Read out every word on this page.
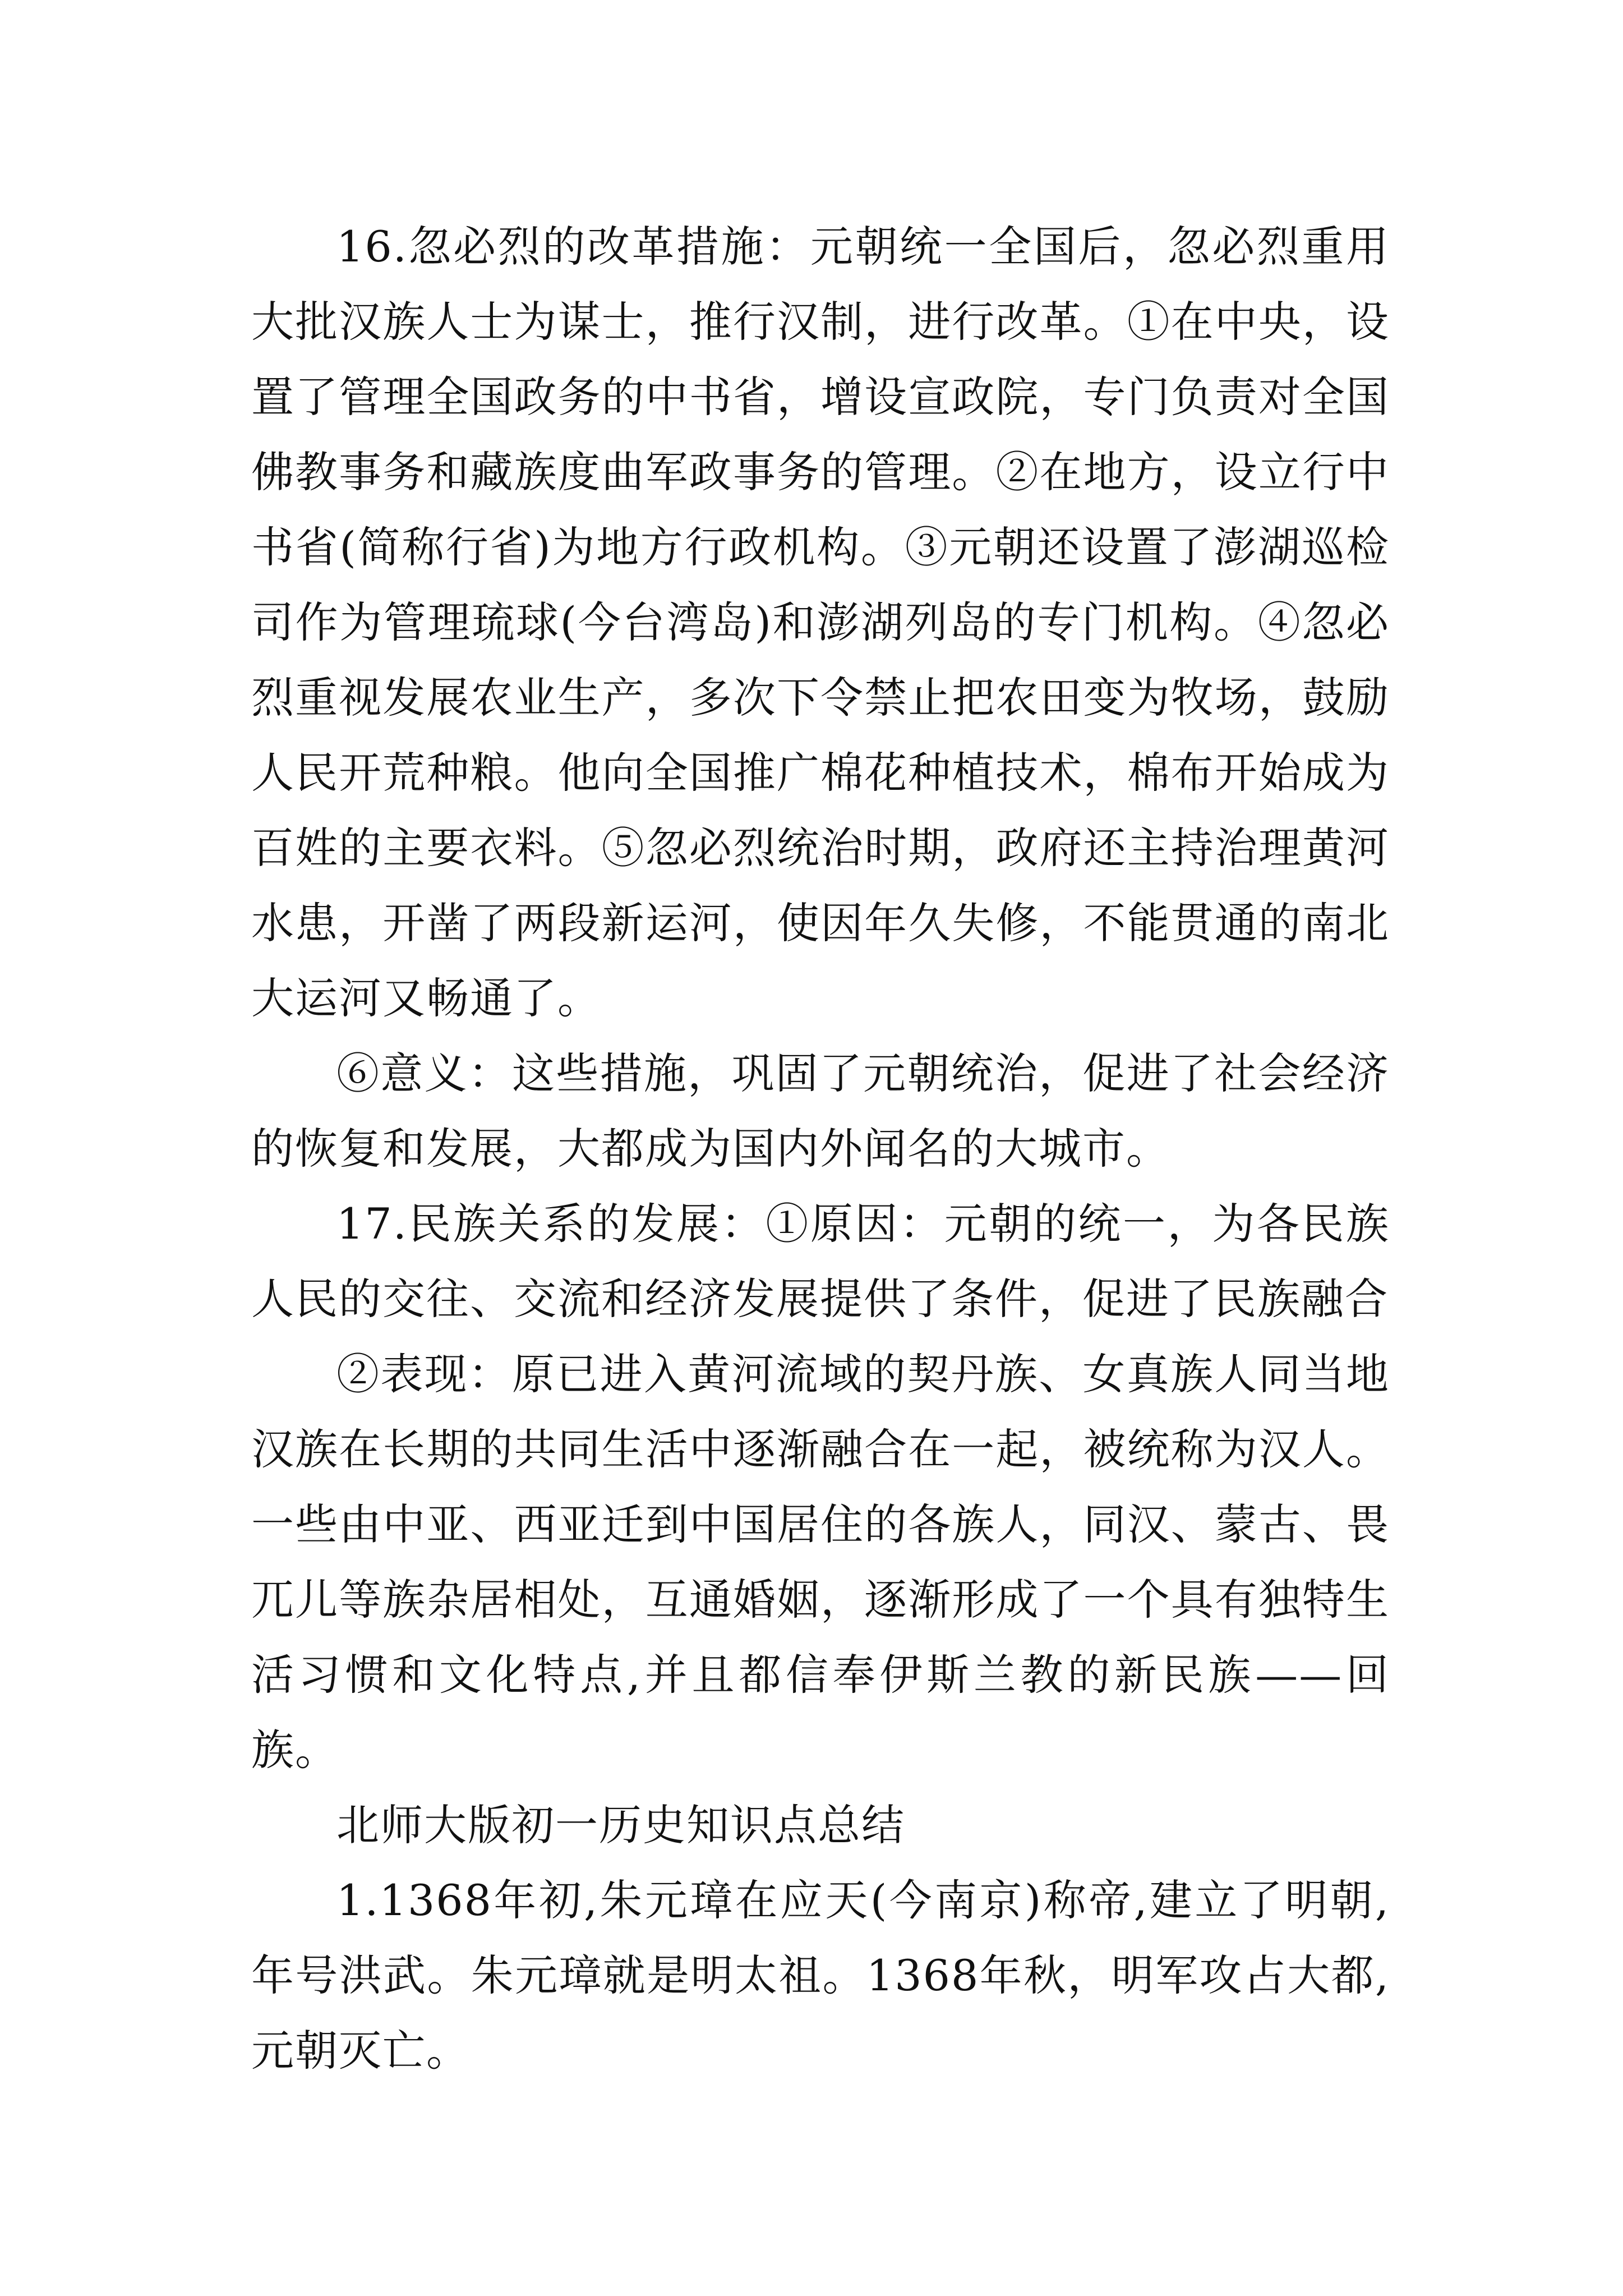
16.忽必烈的改革措施：元朝统一全国后，忽必烈重用大批汉族人士为谋士，推行汉制，进行改革。①在中央，设置了管理全国政务的中书省，增设宣政院，专门负责对全国佛教事务和藏族度曲军政事务的管理。②在地方，设立行中书省(简称行省)为地方行政机构。③元朝还设置了澎湖巡检司作为管理琉球(今台湾岛)和澎湖列岛的专门机构。④忽必烈重视发展农业生产，多次下令禁止把农田变为牧场，鼓励人民开荒种粮。他向全国推广棉花种植技术，棉布开始成为百姓的主要衣料。⑤忽必烈统治时期，政府还主持治理黄河水患，开凿了两段新运河，使因年久失修，不能贯通的南北大运河又畅通了。

⑥意义：这些措施，巩固了元朝统治，促进了社会经济的恢复和发展，大都成为国内外闻名的大城市。

17.民族关系的发展：①原因：元朝的统一，为各民族人民的交往、交流和经济发展提供了条件，促进了民族融合

②表现：原已进入黄河流域的契丹族、女真族人同当地汉族在长期的共同生活中逐渐融合在一起，被统称为汉人。一些由中亚、西亚迁到中国居住的各族人，同汉、蒙古、畏兀儿等族杂居相处，互通婚姻，逐渐形成了一个具有独特生活习惯和文化特点,并且都信奉伊斯兰教的新民族——回族。

北师大版初一历史知识点总结

1.1368年初,朱元璋在应天(今南京)称帝,建立了明朝,年号洪武。朱元璋就是明太祖。1368年秋，明军攻占大都,元朝灭亡。
